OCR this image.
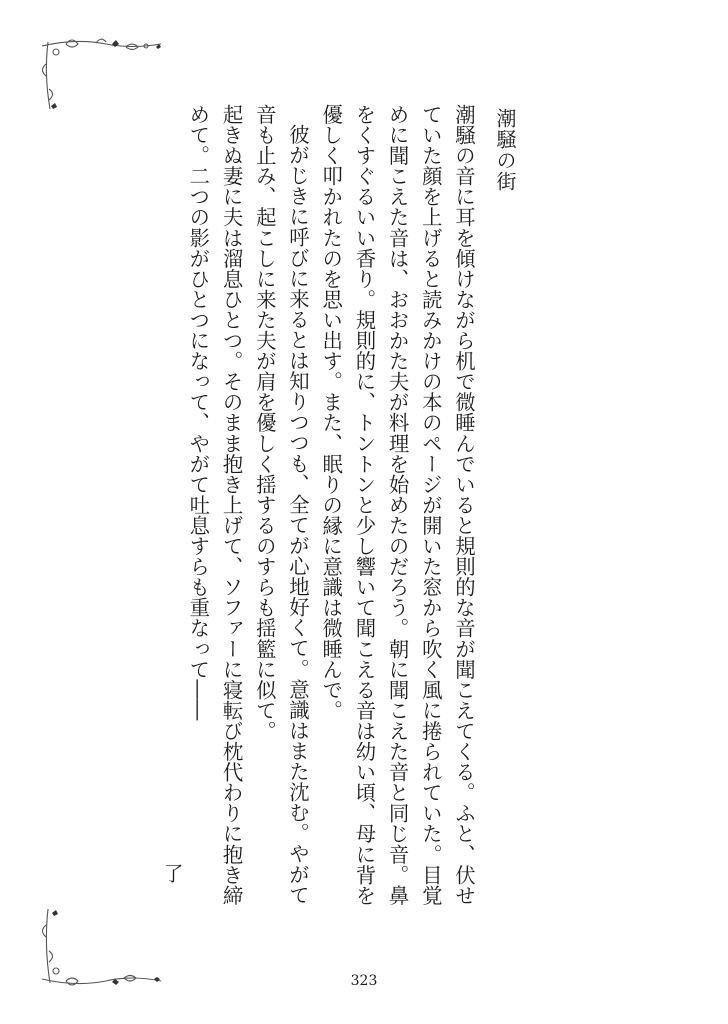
潮騒の街

潮騒の音に耳を傾けながら机で微睡んでいると規則的な音が聞こえてくる。ふと、伏せていた顔を上げると読みかけの本のページが開いた窓から吹く風に捲られていた。目覚めに聞こえた音は、おおかた夫が料理を始めたのだろう。朝に聞こえた音と同じ音。鼻をくすぐるいい香り。規則的に、トントンと少し響いて聞こえる音は幼い頃、母に背を優しく叩かれたのを思い出す。また、眠りの縁に意識は微睡んで。

彼がじきに呼びに来るとは知りつつも、全てが心地好くて。意識はまた沈む。やがて音も止み、起こしに来た夫が肩を優しく揺するのすらも揺籃に似て。

起きぬ妻に夫は溜息ひとつ。そのまま抱き上げて、ソファーに寝転び枕代わりに抱き締めて。二つの影がひとつになって、やがて吐息すらも重なって――

了
323
